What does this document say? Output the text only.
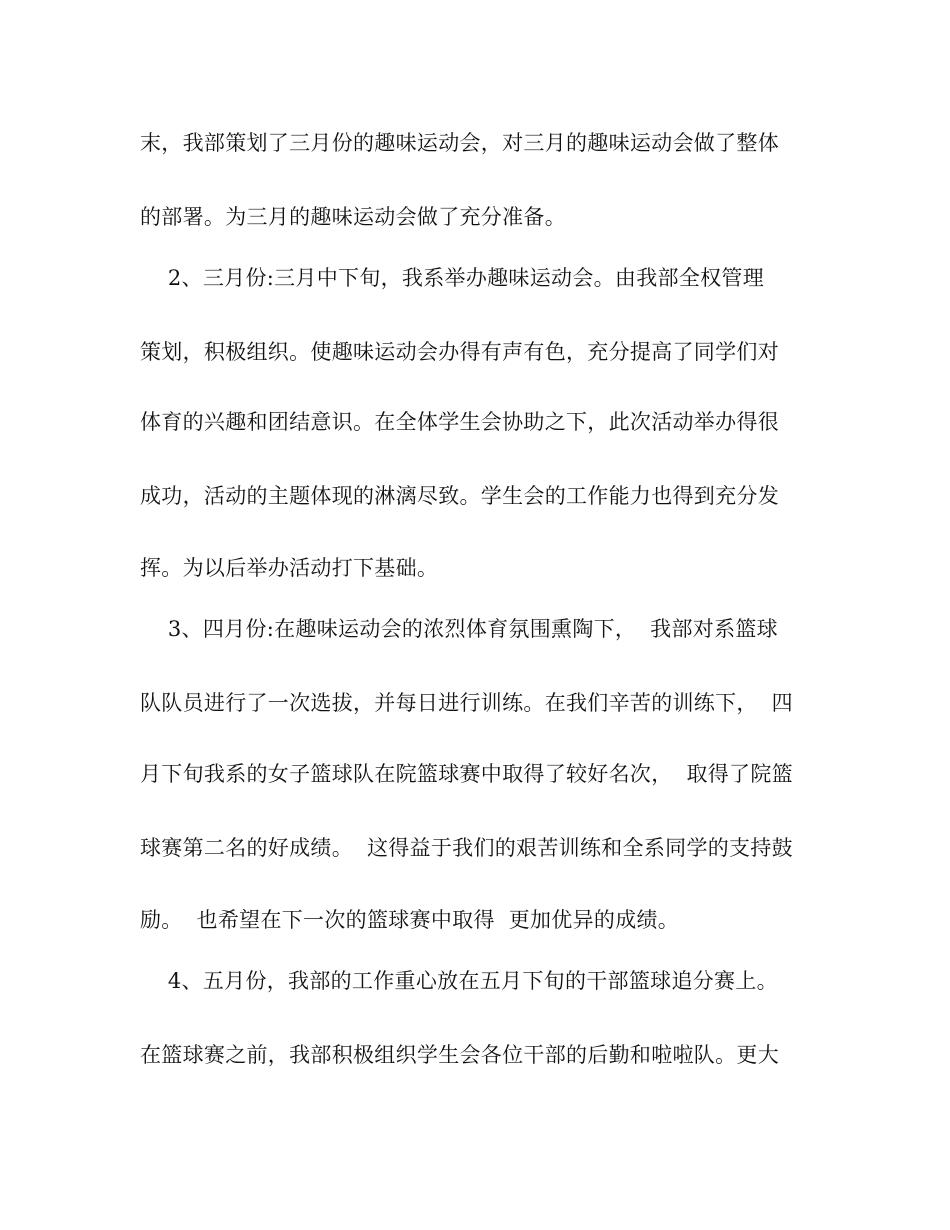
末，我部策划了三月份的趣味运动会，对三月的趣味运动会做了整体
的部署。为三月的趣味运动会做了充分准备。
2、三月份:三月中下旬，我系举办趣味运动会。由我部全权管理
策划，积极组织。使趣味运动会办得有声有色，充分提高了同学们对
体育的兴趣和团结意识。在全体学生会协助之下，此次活动举办得很
成功，活动的主题体现的淋漓尽致。学生会的工作能力也得到充分发
挥。为以后举办活动打下基础。
3、四月份:在趣味运动会的浓烈体育氛围熏陶下，  我部对系篮球
队队员进行了一次选拔，并每日进行训练。在我们辛苦的训练下，  四
月下旬我系的女子篮球队在院篮球赛中取得了较好名次，  取得了院篮
球赛第二名的好成绩。  这得益于我们的艰苦训练和全系同学的支持鼓
励。  也希望在下一次的篮球赛中取得  更加优异的成绩。
4、五月份，我部的工作重心放在五月下旬的干部篮球追分赛上。
在篮球赛之前，我部积极组织学生会各位干部的后勤和啦啦队。更大
